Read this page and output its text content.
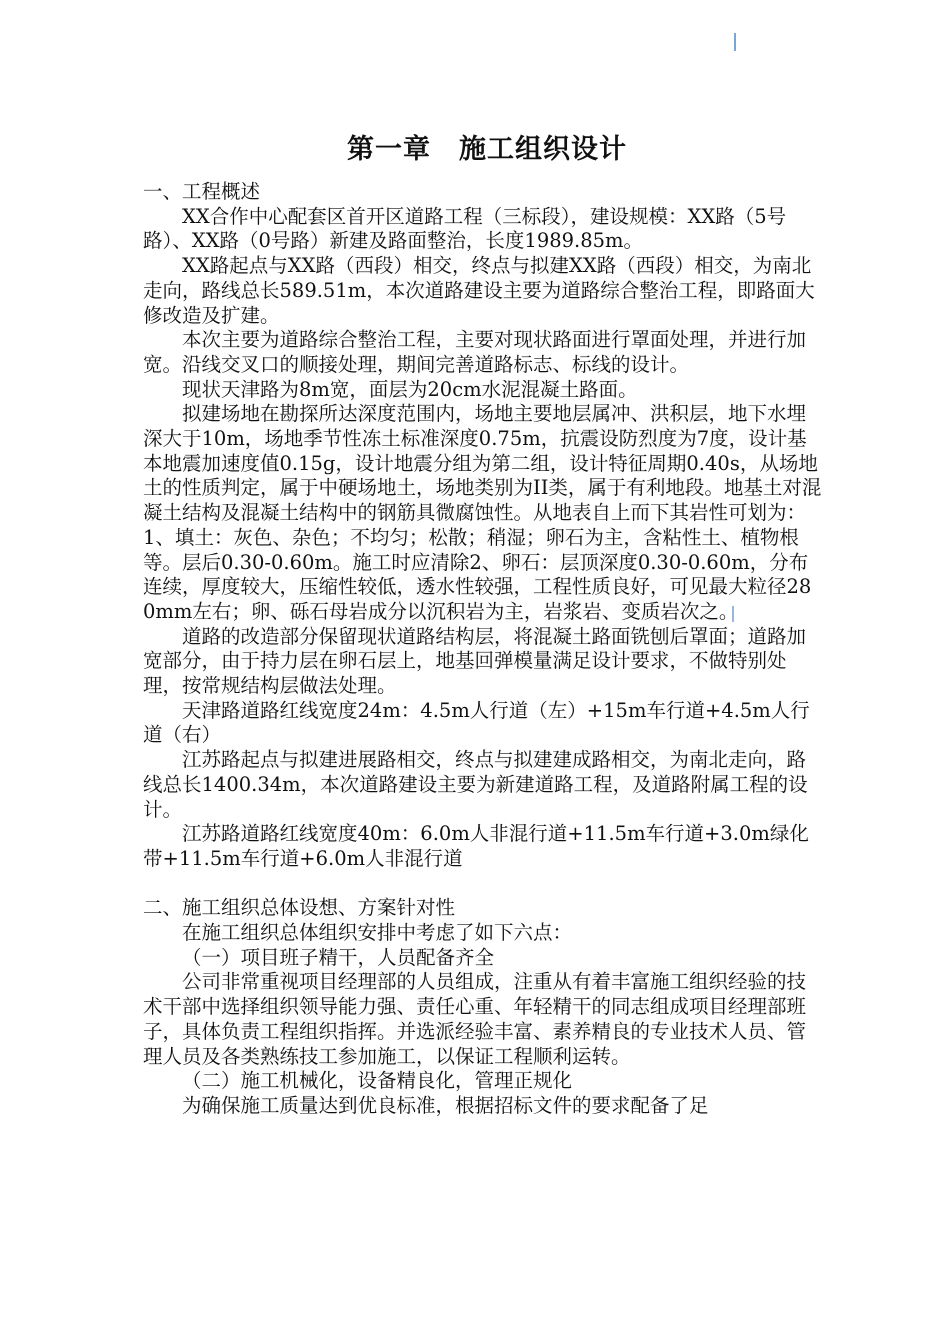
第一章　施工组织设计

一、工程概述

XX合作中心配套区首开区道路工程（三标段），建设规模：XX路（5号路）、XX路（0号路）新建及路面整治，长度1989.85m。

XX路起点与XX路（西段）相交，终点与拟建XX路（西段）相交，为南北走向，路线总长589.51m，本次道路建设主要为道路综合整治工程，即路面大修改造及扩建。

本次主要为道路综合整治工程，主要对现状路面进行罩面处理，并进行加宽。沿线交叉口的顺接处理，期间完善道路标志、标线的设计。

现状天津路为8m宽，面层为20cm水泥混凝土路面。

拟建场地在勘探所达深度范围内，场地主要地层属冲、洪积层，地下水埋深大于10m，场地季节性冻土标准深度0.75m，抗震设防烈度为7度，设计基本地震加速度值0.15g，设计地震分组为第二组，设计特征周期0.40s，从场地土的性质判定，属于中硬场地土，场地类别为II类，属于有利地段。地基土对混凝土结构及混凝土结构中的钢筋具微腐蚀性。从地表自上而下其岩性可划为：1、填土：灰色、杂色；不均匀；松散；稍湿；卵石为主，含粘性土、植物根等。层后0.30-0.60m。施工时应清除2、卵石：层顶深度0.30-0.60m，分布连续，厚度较大，压缩性较低，透水性较强，工程性质良好，可见最大粒径280mm左右；卵、砾石母岩成分以沉积岩为主，岩浆岩、变质岩次之。

道路的改造部分保留现状道路结构层，将混凝土路面铣刨后罩面；道路加宽部分，由于持力层在卵石层上，地基回弹模量满足设计要求，不做特别处理，按常规结构层做法处理。

天津路道路红线宽度24m：4.5m人行道（左）+15m车行道+4.5m人行道（右）

江苏路起点与拟建进展路相交，终点与拟建建成路相交，为南北走向，路线总长1400.34m，本次道路建设主要为新建道路工程，及道路附属工程的设计。

江苏路道路红线宽度40m：6.0m人非混行道+11.5m车行道+3.0m绿化带+11.5m车行道+6.0m人非混行道

二、施工组织总体设想、方案针对性

在施工组织总体组织安排中考虑了如下六点：

（一）项目班子精干，人员配备齐全

公司非常重视项目经理部的人员组成，注重从有着丰富施工组织经验的技术干部中选择组织领导能力强、责任心重、年轻精干的同志组成项目经理部班子，具体负责工程组织指挥。并选派经验丰富、素养精良的专业技术人员、管理人员及各类熟练技工参加施工，以保证工程顺利运转。

（二）施工机械化，设备精良化，管理正规化

为确保施工质量达到优良标准，根据招标文件的要求配备了足
